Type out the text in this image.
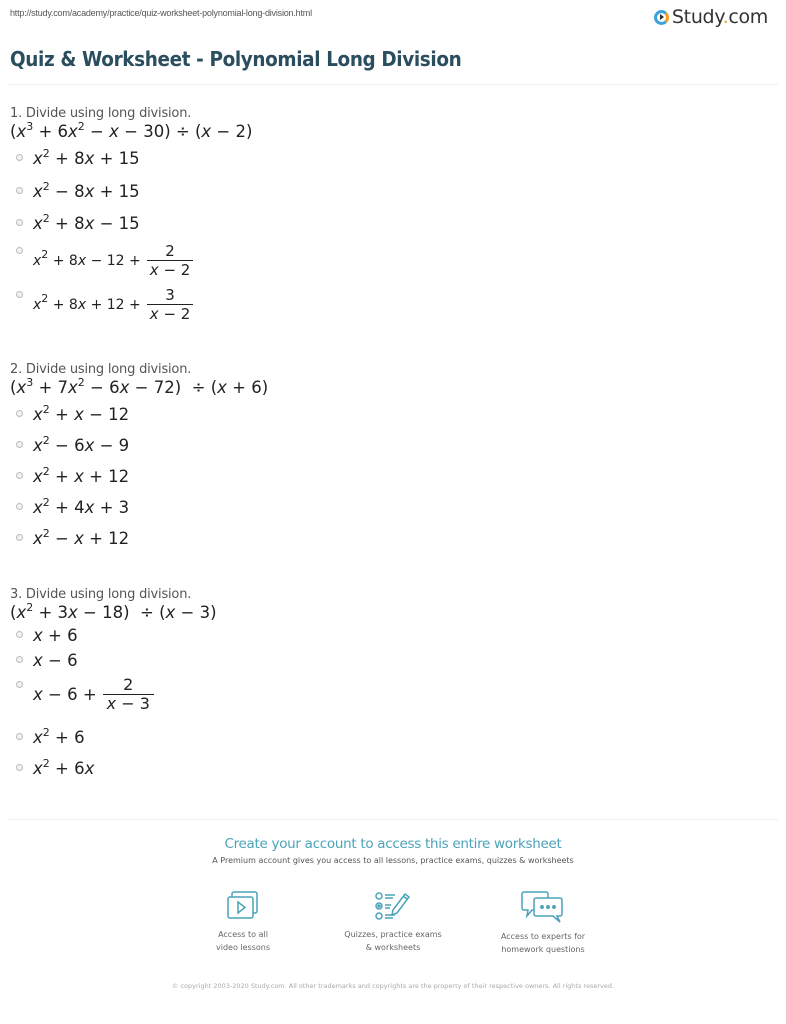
http://study.com/academy/practice/quiz-worksheet-polynomial-long-division.html	Study.com
Quiz & Worksheet - Polynomial Long Division
1. Divide using long division.
$(x^3 + 6x^2 - x - 30) \div (x - 2)$
$x^2 + 8x + 15$
$x^2 - 8x + 15$
$x^2 + 8x - 15$
$x^2 + 8x - 12 + \frac{2}{x - 2}$
$x^2 + 8x + 12 + \frac{3}{x - 2}$
2. Divide using long division.
$(x^3 + 7x^2 - 6x - 72) \div (x + 6)$
$x^2 + x - 12$
$x^2 - 6x - 9$
$x^2 + x + 12$
$x^2 + 4x + 3$
$x^2 - x + 12$
3. Divide using long division.
$(x^2 + 3x - 18) \div (x - 3)$
x + 6
x − 6
$x - 6 + \frac{2}{x - 3}$
$x^2 + 6$
$x^2 + 6x$
Create your account to access this entire worksheet
A Premium account gives you access to all lessons, practice exams, quizzes & worksheets
Access to all
video lessons
Quizzes, practice exams
& worksheets
Access to experts for
homework questions
© copyright 2003-2020 Study.com. All other trademarks and copyrights are the property of their respective owners. All rights reserved.
